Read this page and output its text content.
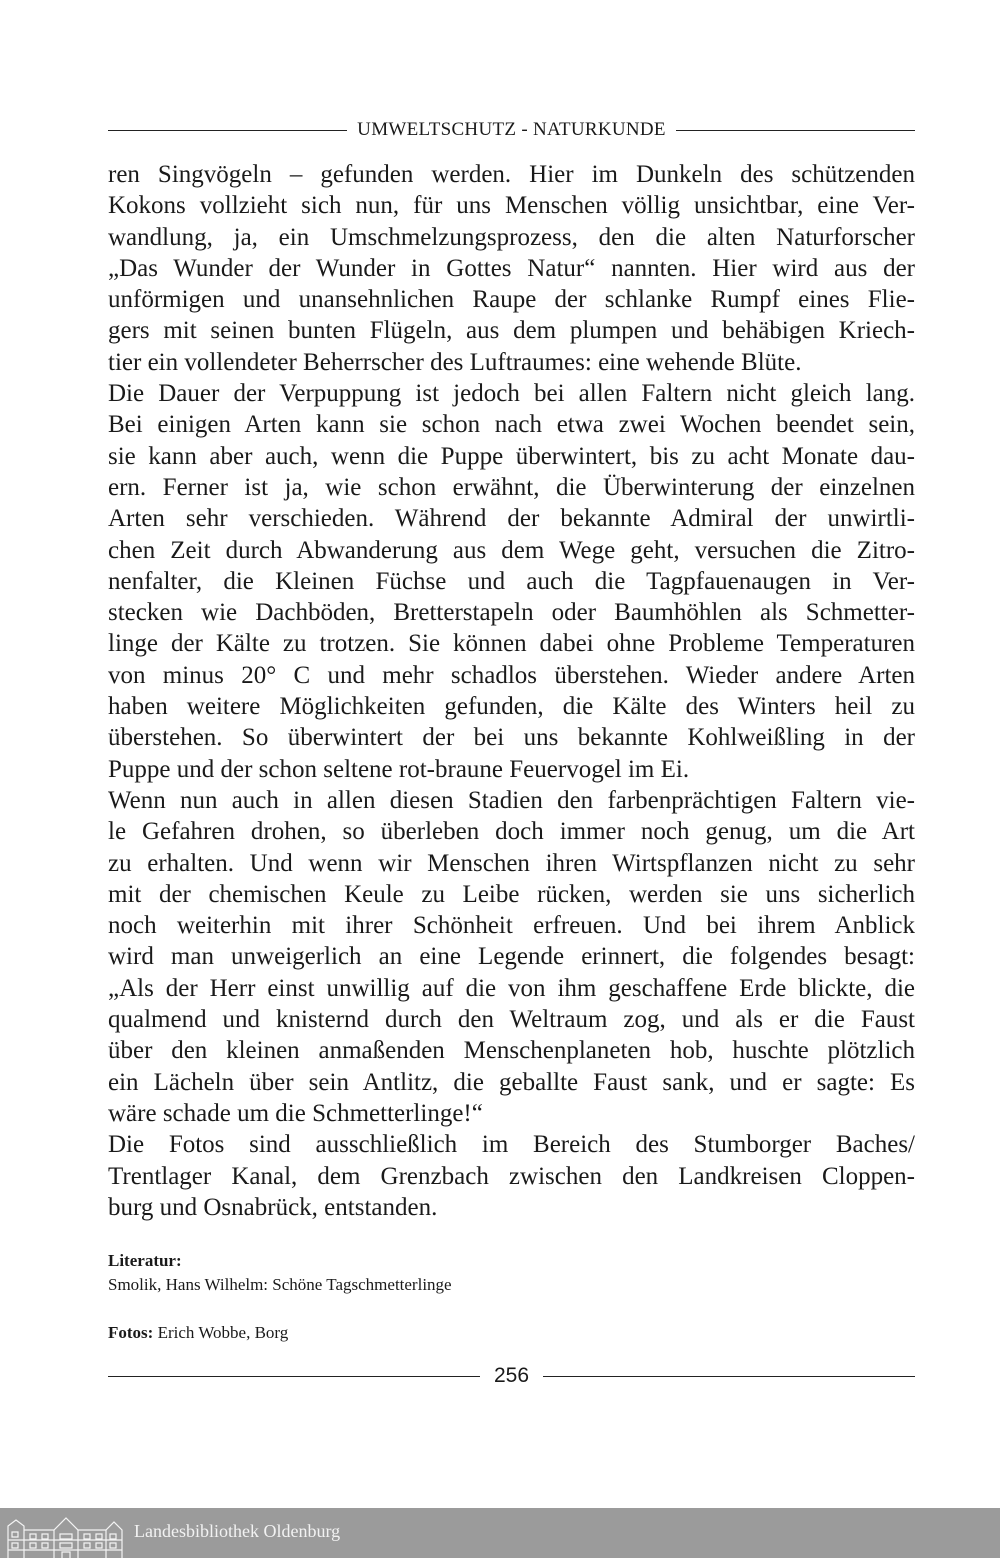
UMWELTSCHUTZ - NATURKUNDE
ren Singvögeln – gefunden werden. Hier im Dunkeln des schützenden
Kokons vollzieht sich nun, für uns Menschen völlig unsichtbar, eine Ver-
wandlung, ja, ein Umschmelzungsprozess, den die alten Naturforscher
„Das Wunder der Wunder in Gottes Natur“ nannten. Hier wird aus der
unförmigen und unansehnlichen Raupe der schlanke Rumpf eines Flie-
gers mit seinen bunten Flügeln, aus dem plumpen und behäbigen Kriech-
tier ein vollendeter Beherrscher des Luftraumes: eine wehende Blüte.
Die Dauer der Verpuppung ist jedoch bei allen Faltern nicht gleich lang.
Bei einigen Arten kann sie schon nach etwa zwei Wochen beendet sein,
sie kann aber auch, wenn die Puppe überwintert, bis zu acht Monate dau-
ern. Ferner ist ja, wie schon erwähnt, die Überwinterung der einzelnen
Arten sehr verschieden. Während der bekannte Admiral der unwirtli-
chen Zeit durch Abwanderung aus dem Wege geht, versuchen die Zitro-
nenfalter, die Kleinen Füchse und auch die Tagpfauenaugen in Ver-
stecken wie Dachböden, Bretterstapeln oder Baumhöhlen als Schmetter-
linge der Kälte zu trotzen. Sie können dabei ohne Probleme Temperaturen
von minus 20° C und mehr schadlos überstehen. Wieder andere Arten
haben weitere Möglichkeiten gefunden, die Kälte des Winters heil zu
überstehen. So überwintert der bei uns bekannte Kohlweißling in der
Puppe und der schon seltene rot-braune Feuervogel im Ei.
Wenn nun auch in allen diesen Stadien den farbenprächtigen Faltern vie-
le Gefahren drohen, so überleben doch immer noch genug, um die Art
zu erhalten. Und wenn wir Menschen ihren Wirtspflanzen nicht zu sehr
mit der chemischen Keule zu Leibe rücken, werden sie uns sicherlich
noch weiterhin mit ihrer Schönheit erfreuen. Und bei ihrem Anblick
wird man unweigerlich an eine Legende erinnert, die folgendes besagt:
„Als der Herr einst unwillig auf die von ihm geschaffene Erde blickte, die
qualmend und knisternd durch den Weltraum zog, und als er die Faust
über den kleinen anmaßenden Menschenplaneten hob, huschte plötzlich
ein Lächeln über sein Antlitz, die geballte Faust sank, und er sagte: Es
wäre schade um die Schmetterlinge!“
Die Fotos sind ausschließlich im Bereich des Stumborger Baches/
Trentlager Kanal, dem Grenzbach zwischen den Landkreisen Cloppen-
burg und Osnabrück, entstanden.
Literatur:
Smolik, Hans Wilhelm: Schöne Tagschmetterlinge
Fotos: Erich Wobbe, Borg
256
Landesbibliothek Oldenburg
